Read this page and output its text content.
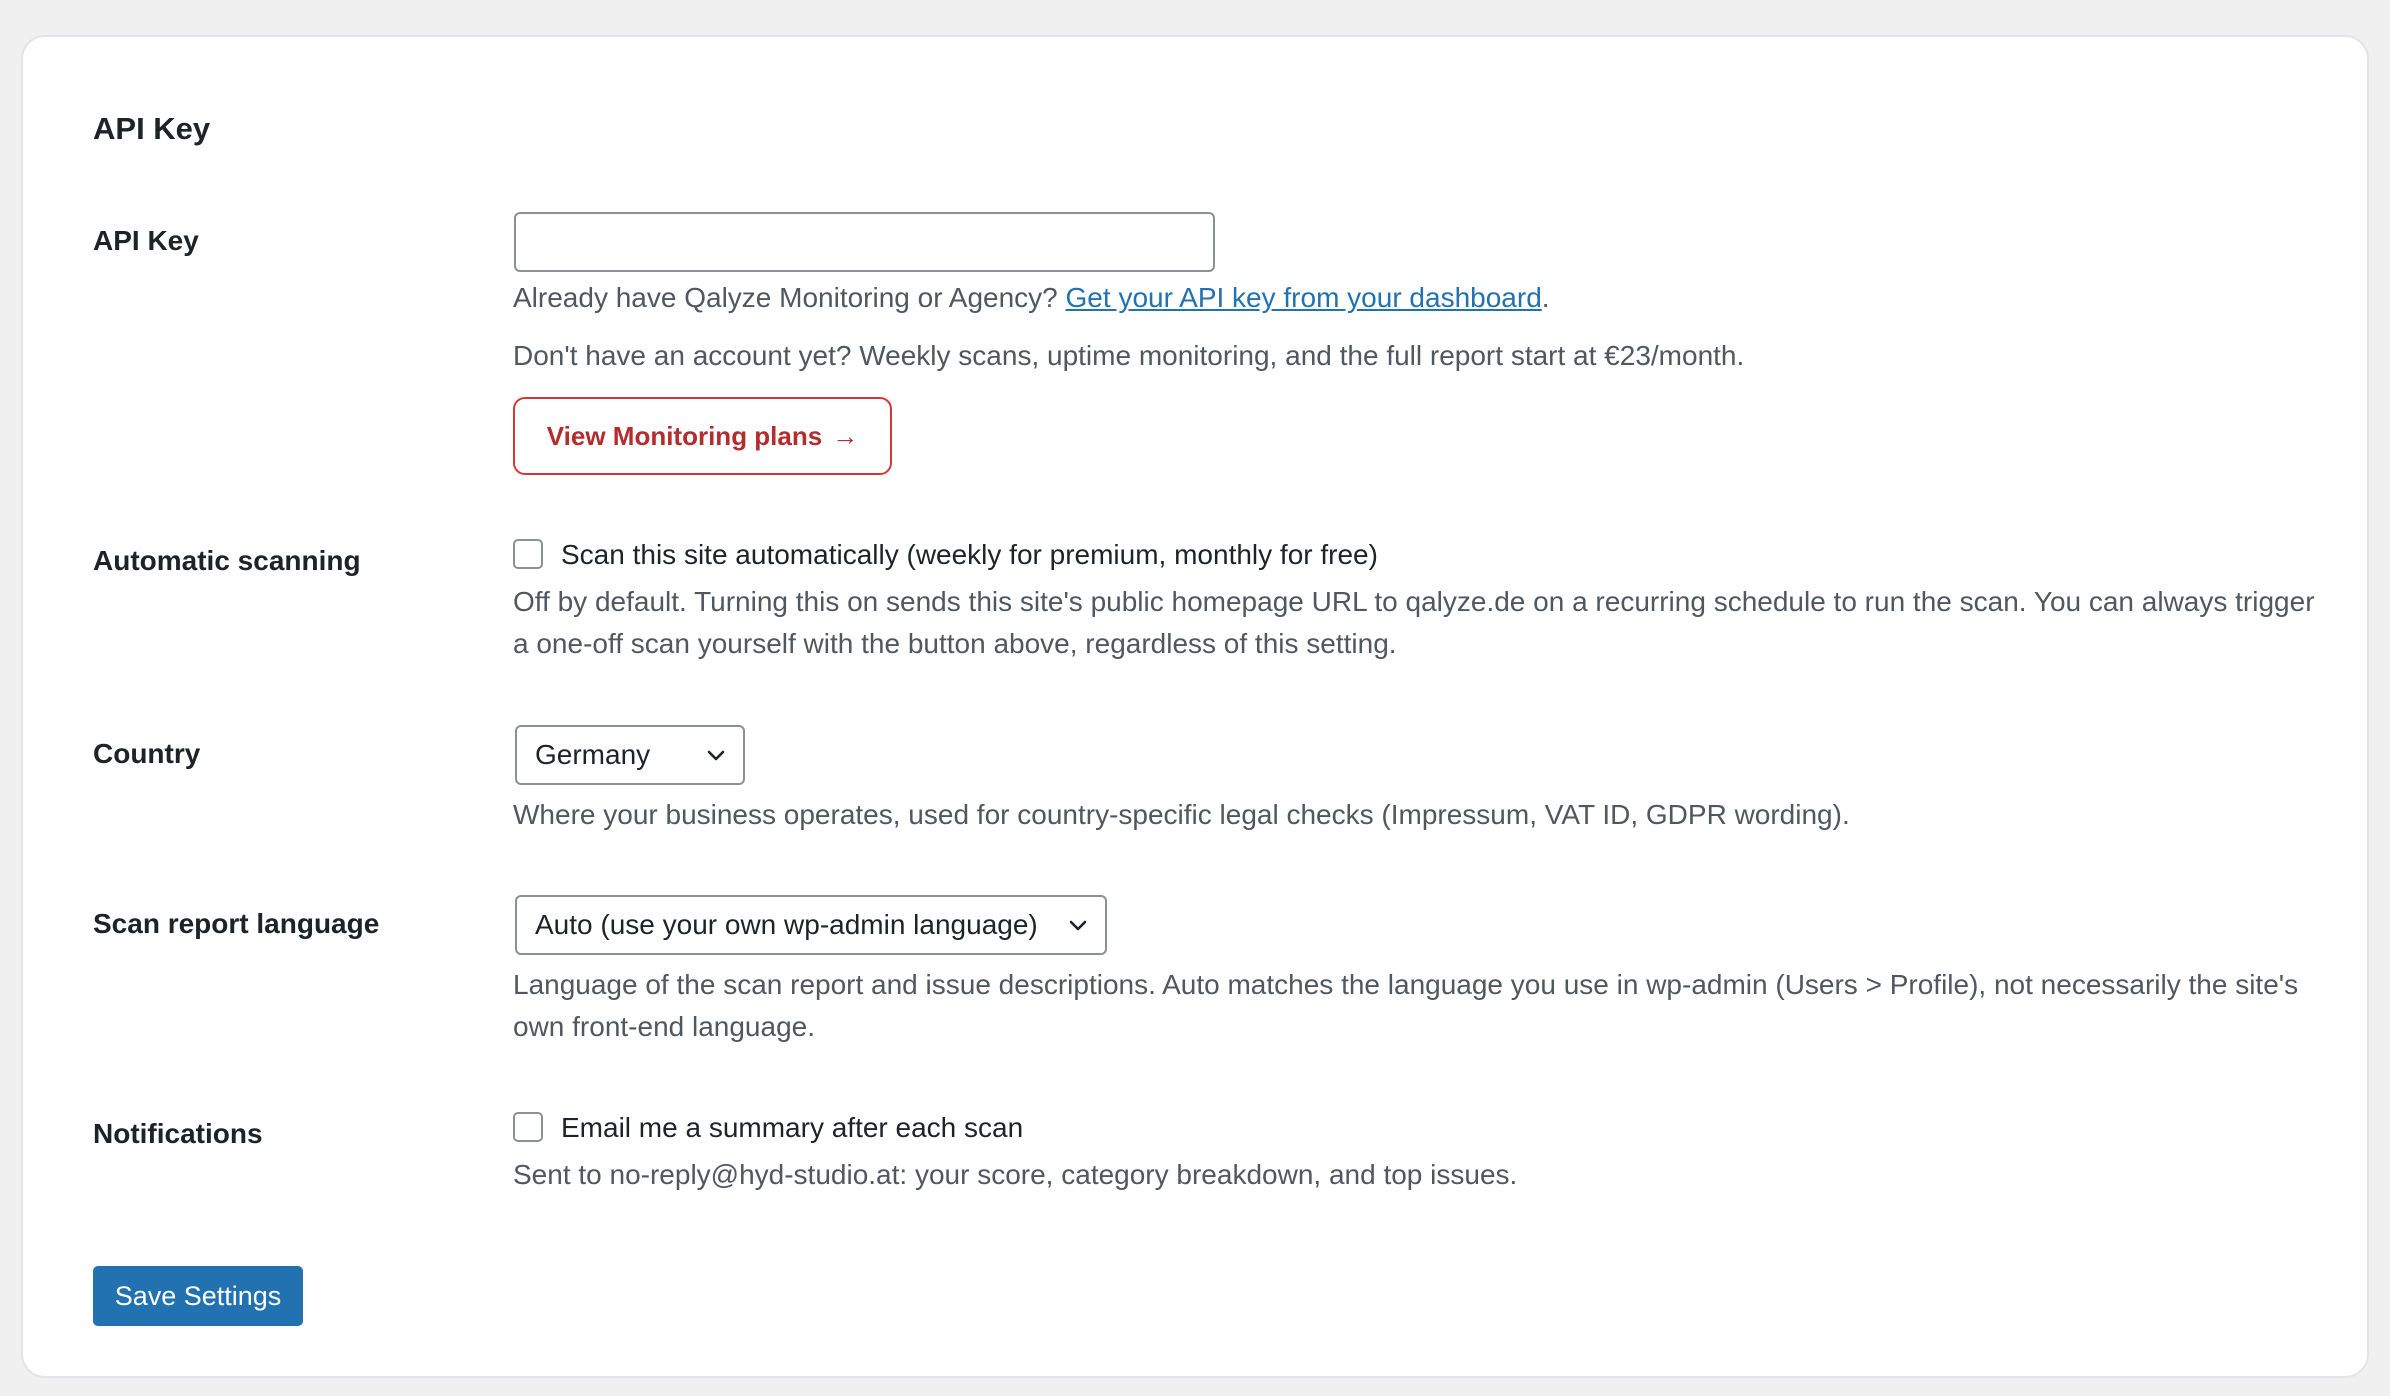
API Key
API Key
Already have Qalyze Monitoring or Agency? Get your API key from your dashboard.
Don't have an account yet? Weekly scans, uptime monitoring, and the full report start at €23/month.
View Monitoring plans →
Automatic scanning	Scan this site automatically (weekly for premium, monthly for free)
Off by default. Turning this on sends this site's public homepage URL to qalyze.de on a recurring schedule to run the scan. You can always trigger a one-off scan yourself with the button above, regardless of this setting.
Country	Germany
Where your business operates, used for country-specific legal checks (Impressum, VAT ID, GDPR wording).
Scan report language	Auto (use your own wp-admin language)
Language of the scan report and issue descriptions. Auto matches the language you use in wp-admin (Users > Profile), not necessarily the site's own front-end language.
Notifications	Email me a summary after each scan
Sent to no-reply@hyd-studio.at: your score, category breakdown, and top issues.
Save Settings
